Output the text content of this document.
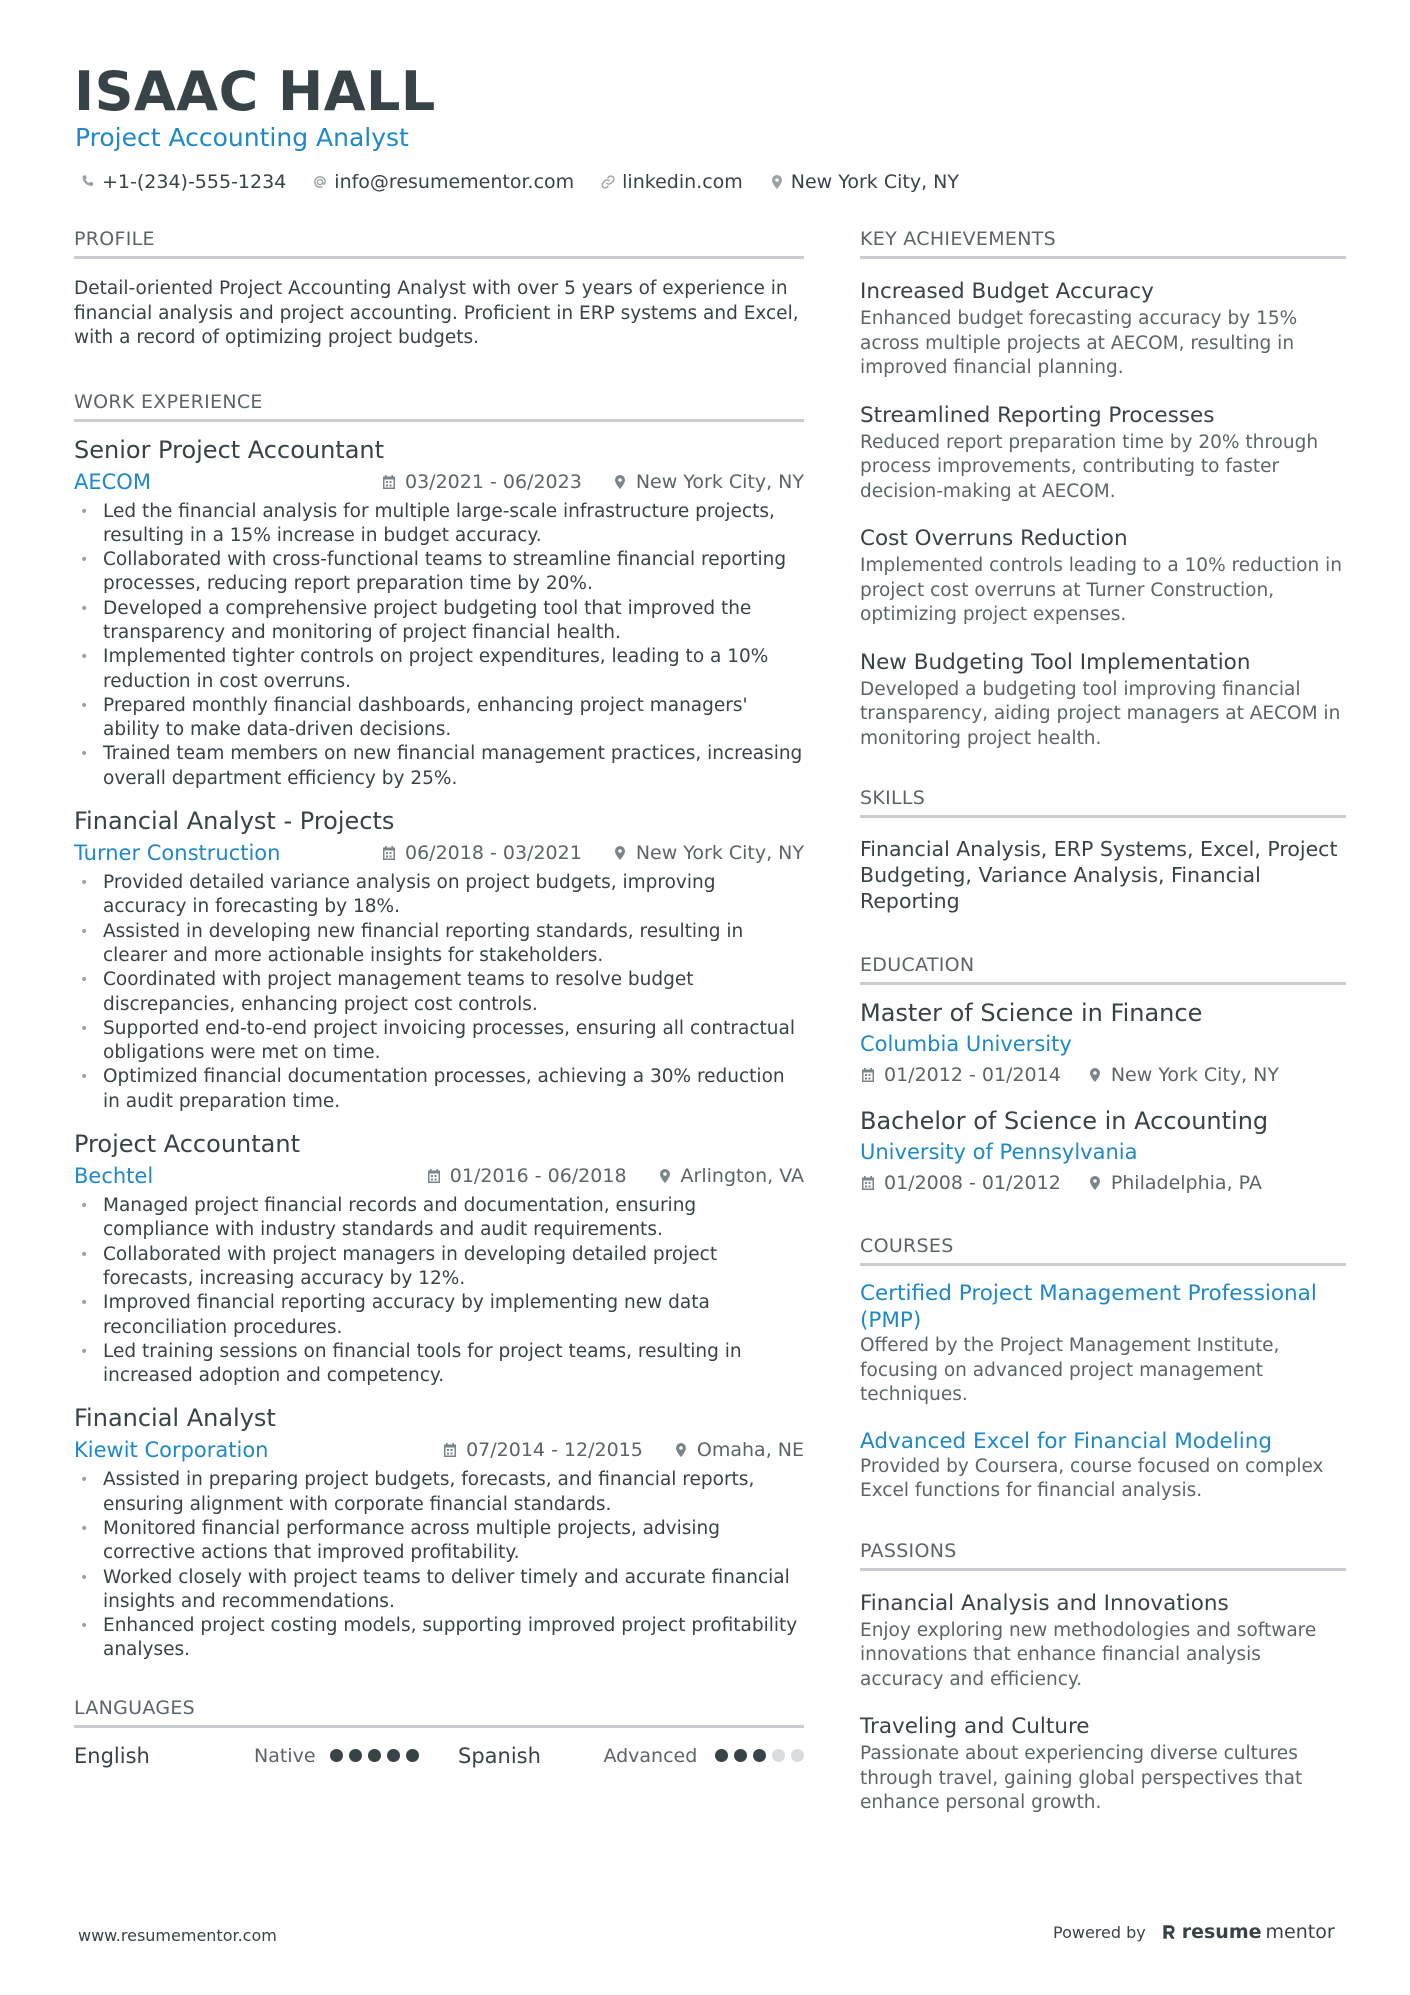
ISAAC HALL
Project Accounting Analyst
+1-(234)-555-1234	info@resumementor.com	linkedin.com	New York City, NY
PROFILE

Detail-oriented Project Accounting Analyst with over 5 years of experience in financial analysis and project accounting. Proficient in ERP systems and Excel, with a record of optimizing project budgets.

WORK EXPERIENCE
Senior Project Accountant
AECOM	03/2021 - 06/2023	New York City, NY
• Led the financial analysis for multiple large-scale infrastructure projects, resulting in a 15% increase in budget accuracy.
• Collaborated with cross-functional teams to streamline financial reporting processes, reducing report preparation time by 20%.
• Developed a comprehensive project budgeting tool that improved the transparency and monitoring of project financial health.
• Implemented tighter controls on project expenditures, leading to a 10% reduction in cost overruns.
• Prepared monthly financial dashboards, enhancing project managers' ability to make data-driven decisions.
• Trained team members on new financial management practices, increasing overall department efficiency by 25%.
Financial Analyst - Projects
Turner Construction	06/2018 - 03/2021	New York City, NY
• Provided detailed variance analysis on project budgets, improving accuracy in forecasting by 18%.
• Assisted in developing new financial reporting standards, resulting in clearer and more actionable insights for stakeholders.
• Coordinated with project management teams to resolve budget discrepancies, enhancing project cost controls.
• Supported end-to-end project invoicing processes, ensuring all contractual obligations were met on time.
• Optimized financial documentation processes, achieving a 30% reduction in audit preparation time.
Project Accountant
Bechtel	01/2016 - 06/2018	Arlington, VA
• Managed project financial records and documentation, ensuring compliance with industry standards and audit requirements.
• Collaborated with project managers in developing detailed project forecasts, increasing accuracy by 12%.
• Improved financial reporting accuracy by implementing new data reconciliation procedures.
• Led training sessions on financial tools for project teams, resulting in increased adoption and competency.
Financial Analyst
Kiewit Corporation	07/2014 - 12/2015	Omaha, NE
• Assisted in preparing project budgets, forecasts, and financial reports, ensuring alignment with corporate financial standards.
• Monitored financial performance across multiple projects, advising corrective actions that improved profitability.
• Worked closely with project teams to deliver timely and accurate financial insights and recommendations.
• Enhanced project costing models, supporting improved project profitability analyses.
LANGUAGES
English	Native	Spanish	Advanced
KEY ACHIEVEMENTS
Increased Budget Accuracy

Enhanced budget forecasting accuracy by 15% across multiple projects at AECOM, resulting in improved financial planning.

Streamlined Reporting Processes

Reduced report preparation time by 20% through process improvements, contributing to faster decision-making at AECOM.

Cost Overruns Reduction

Implemented controls leading to a 10% reduction in project cost overruns at Turner Construction, optimizing project expenses.

New Budgeting Tool Implementation

Developed a budgeting tool improving financial transparency, aiding project managers at AECOM in monitoring project health.

SKILLS

Financial Analysis, ERP Systems, Excel, Project Budgeting, Variance Analysis, Financial Reporting

EDUCATION
Master of Science in Finance
Columbia University
01/2012 - 01/2014	New York City, NY
Bachelor of Science in Accounting
University of Pennsylvania
01/2008 - 01/2012	Philadelphia, PA
COURSES
Certified Project Management Professional (PMP)

Offered by the Project Management Institute, focusing on advanced project management techniques.

Advanced Excel for Financial Modeling

Provided by Coursera, course focused on complex Excel functions for financial analysis.

PASSIONS
Financial Analysis and Innovations

Enjoy exploring new methodologies and software innovations that enhance financial analysis accuracy and efficiency.

Traveling and Culture

Passionate about experiencing diverse cultures through travel, gaining global perspectives that enhance personal growth.

www.resumementor.com	Powered by resume mentor
